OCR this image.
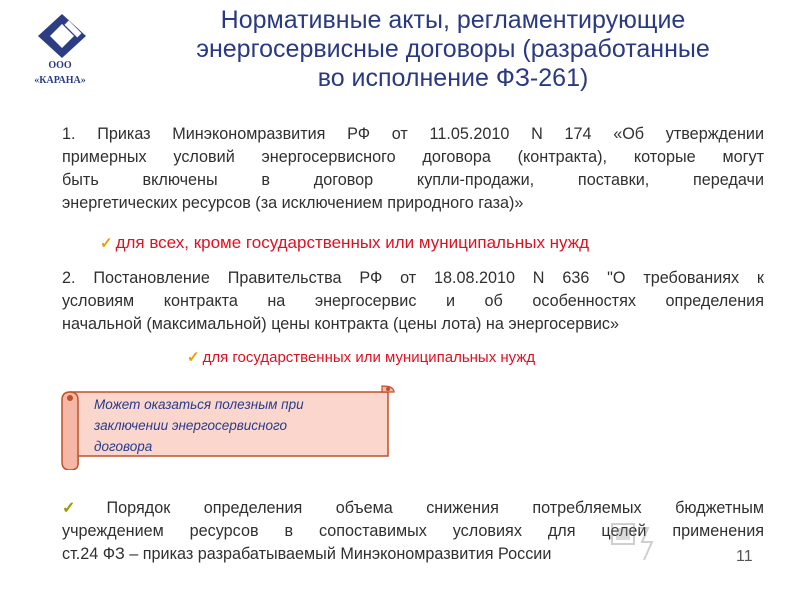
ООО
«КАРАНА»
Нормативные акты, регламентирующие
энергосервисные договоры (разработанные
во исполнение ФЗ-261)
1. Приказ Минэкономразвития РФ от 11.05.2010 N 174 «Об утверждении
примерных условий энергосервисного договора (контракта), которые могут
быть включены в договор купли-продажи, поставки, передачи
энергетических ресурсов (за исключением природного газа)»
✓ для всех, кроме государственных или муниципальных нужд
2. Постановление Правительства РФ от 18.08.2010 N 636 "О требованиях к
условиям контракта на энергосервис и об особенностях определения
начальной (максимальной) цены контракта (цены лота) на энергосервис»
✓ для государственных или муниципальных нужд
Может оказаться полезным при
заключении энергосервисного
договора
✓ Порядок определения объема снижения потребляемых бюджетным
учреждением ресурсов в сопоставимых условиях для целей применения
ст.24 ФЗ – приказ разрабатываемый Минэкономразвития России	11
